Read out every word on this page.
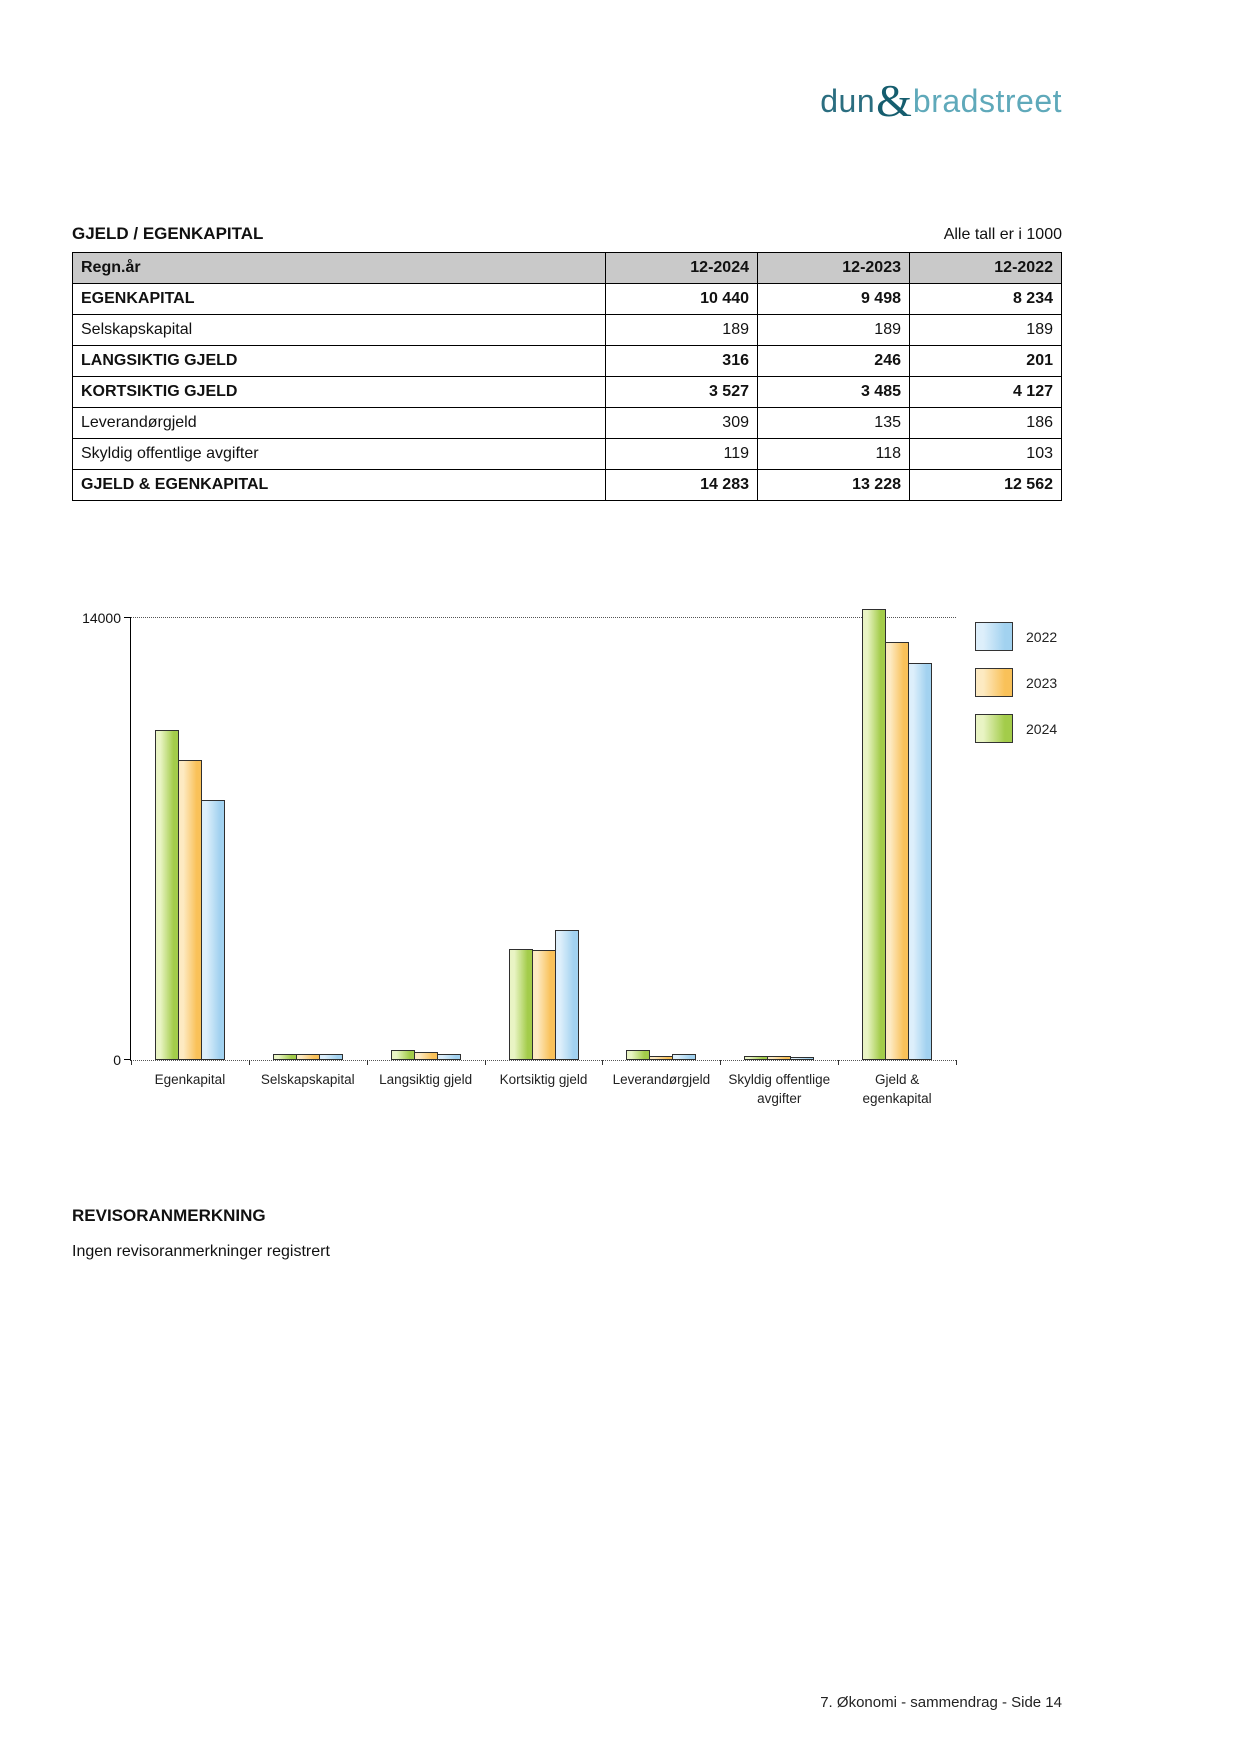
dun & bradstreet
GJELD / EGENKAPITAL	Alle tall er i 1000
Regn.år	12-2024	12-2023	12-2022
EGENKAPITAL	10 440	9 498	8 234
Selskapskapital	189	189	189
LANGSIKTIG GJELD	316	246	201
KORTSIKTIG GJELD	3 527	3 485	4 127
Leverandørgjeld	309	135	186
Skyldig offentlige avgifter	119	118	103
GJELD & EGENKAPITAL	14 283	13 228	12 562
14000
0
Egenkapital	Selskapskapital	Langsiktig gjeld	Kortsiktig gjeld	Leverandørgjeld	Skyldig offentlige avgifter
Gjeld & egenkapital
2022
2023
2024
REVISORANMERKNING
Ingen revisoranmerkninger registrert
7. Økonomi - sammendrag - Side 14
